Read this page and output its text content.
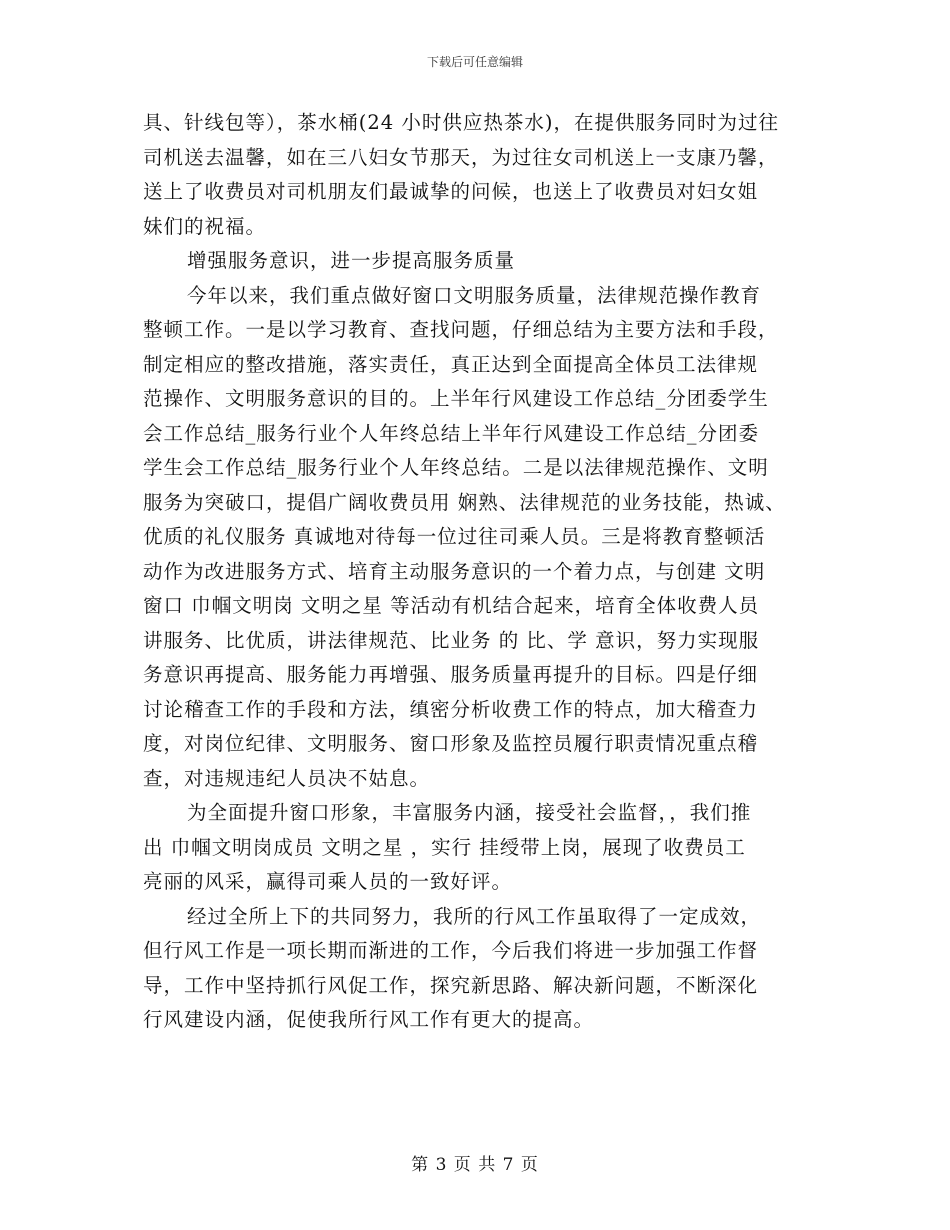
下载后可任意编辑
具、针线包等），茶水桶(24 小时供应热茶水)，在提供服务同时为过往
司机送去温馨，如在三八妇女节那天，为过往女司机送上一支康乃馨，
送上了收费员对司机朋友们最诚挚的问候，也送上了收费员对妇女姐
妹们的祝福。
增强服务意识，进一步提高服务质量
今年以来，我们重点做好窗口文明服务质量，法律规范操作教育
整顿工作。一是以学习教育、查找问题，仔细总结为主要方法和手段，
制定相应的整改措施，落实责任，真正达到全面提高全体员工法律规
范操作、文明服务意识的目的。上半年行风建设工作总结_分团委学生
会工作总结_服务行业个人年终总结上半年行风建设工作总结_分团委
学生会工作总结_服务行业个人年终总结。二是以法律规范操作、文明
服务为突破口，提倡广阔收费员用 娴熟、法律规范的业务技能，热诚、
优质的礼仪服务 真诚地对待每一位过往司乘人员。三是将教育整顿活
动作为改进服务方式、培育主动服务意识的一个着力点，与创建 文明
窗口 巾帼文明岗 文明之星 等活动有机结合起来，培育全体收费人员
讲服务、比优质，讲法律规范、比业务 的 比、学 意识，努力实现服
务意识再提高、服务能力再增强、服务质量再提升的目标。四是仔细
讨论稽查工作的手段和方法，缜密分析收费工作的特点，加大稽查力
度，对岗位纪律、文明服务、窗口形象及监控员履行职责情况重点稽
查，对违规违纪人员决不姑息。
为全面提升窗口形象，丰富服务内涵，接受社会监督，，我们推
出 巾帼文明岗成员 文明之星 ，实行 挂绶带上岗，展现了收费员工
亮丽的风采，赢得司乘人员的一致好评。
经过全所上下的共同努力，我所的行风工作虽取得了一定成效，
但行风工作是一项长期而渐进的工作，今后我们将进一步加强工作督
导，工作中坚持抓行风促工作，探究新思路、解决新问题，不断深化
行风建设内涵，促使我所行风工作有更大的提高。
第 3 页 共 7 页
